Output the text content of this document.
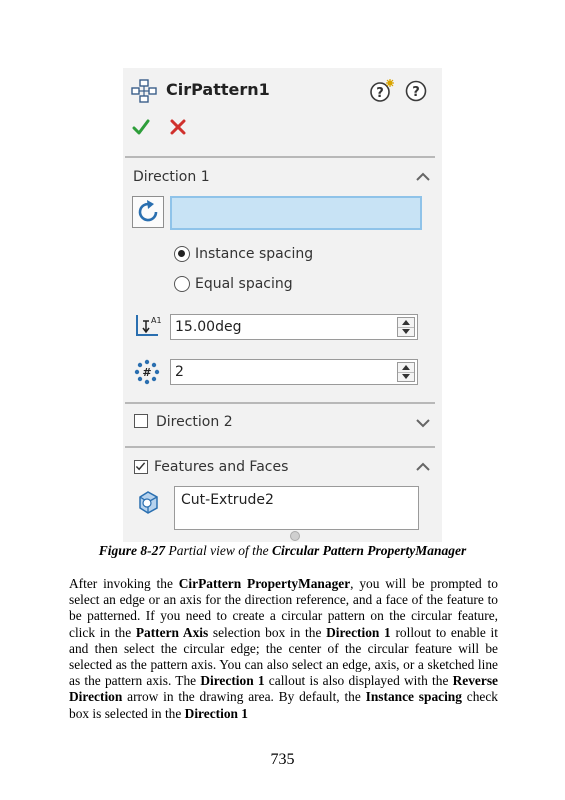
CirPattern1	? ?
Direction 1
Instance spacing
Equal spacing
A1 15.00deg
# 2
Direction 2
Features and Faces
Cut-Extrude2
Figure 8-27 Partial view of the Circular Pattern PropertyManager
After invoking the CirPattern PropertyManager, you will be prompted to select an edge or an axis for the direction reference, and a face of the feature to be patterned. If you need to create a circular pattern on the circular feature, click in the Pattern Axis selection box in the Direction 1 rollout to enable it and then select the circular edge; the center of the circular feature will be selected as the pattern axis. You can also select an edge, axis, or a sketched line as the pattern axis. The Direction 1 callout is also displayed with the Reverse Direction arrow in the drawing area. By default, the Instance spacing check box is selected in the Direction 1
735
